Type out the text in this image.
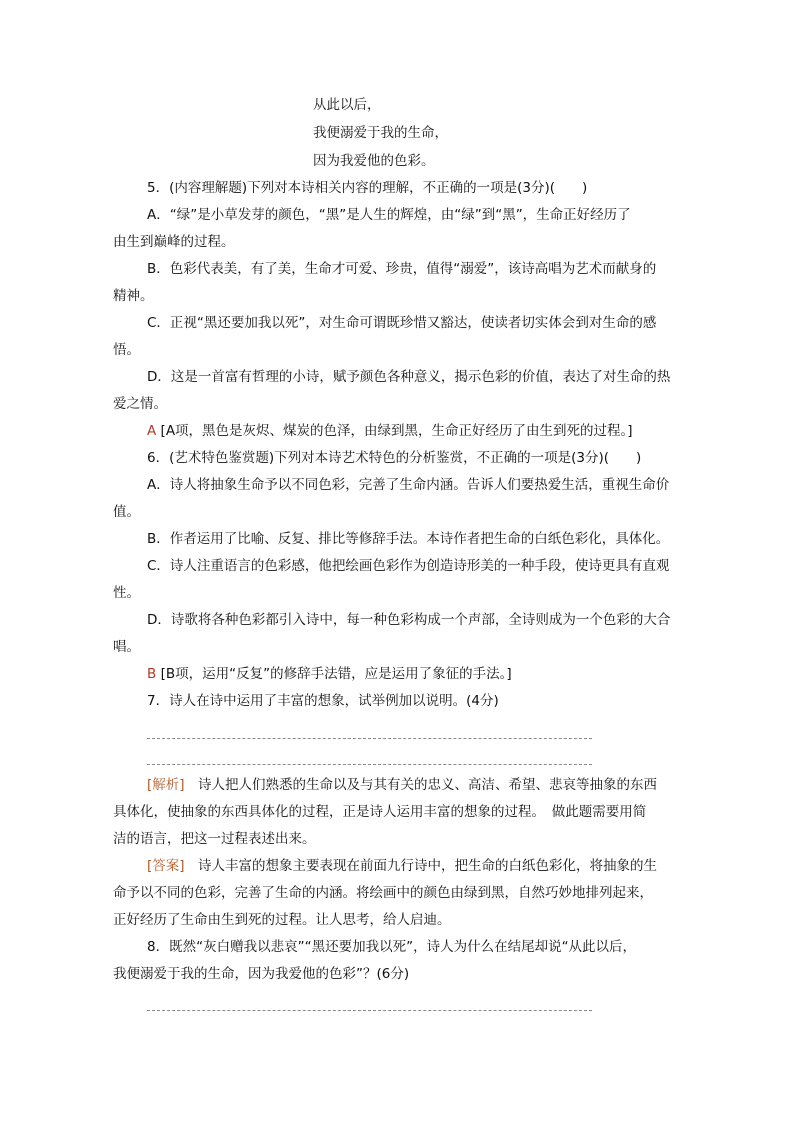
从此以后，
我便溺爱于我的生命，
因为我爱他的色彩。
5．(内容理解题)下列对本诗相关内容的理解，不正确的一项是(3分)(　　)
A．“绿”是小草发芽的颜色，“黑”是人生的辉煌，由“绿”到“黑”，生命正好经历了
由生到巅峰的过程。
B．色彩代表美，有了美，生命才可爱、珍贵，值得“溺爱”，该诗高唱为艺术而献身的
精神。
C．正视“黑还要加我以死”，对生命可谓既珍惜又豁达，使读者切实体会到对生命的感
悟。
D．这是一首富有哲理的小诗，赋予颜色各种意义，揭示色彩的价值，表达了对生命的热
爱之情。
A [A项，黑色是灰烬、煤炭的色泽，由绿到黑，生命正好经历了由生到死的过程。]
6．(艺术特色鉴赏题)下列对本诗艺术特色的分析鉴赏，不正确的一项是(3分)(　　)
A．诗人将抽象生命予以不同色彩，完善了生命内涵。告诉人们要热爱生活，重视生命价
值。
B．作者运用了比喻、反复、排比等修辞手法。本诗作者把生命的白纸色彩化，具体化。
C．诗人注重语言的色彩感，他把绘画色彩作为创造诗形美的一种手段，使诗更具有直观
性。
D．诗歌将各种色彩都引入诗中，每一种色彩构成一个声部，全诗则成为一个色彩的大合
唱。
B [B项，运用“反复”的修辞手法错，应是运用了象征的手法。]
7．诗人在诗中运用了丰富的想象，试举例加以说明。(4分)
[解析]　诗人把人们熟悉的生命以及与其有关的忠义、高洁、希望、悲哀等抽象的东西
具体化，使抽象的东西具体化的过程，正是诗人运用丰富的想象的过程。　做此题需要用简
洁的语言，把这一过程表述出来。
[答案]　诗人丰富的想象主要表现在前面九行诗中，把生命的白纸色彩化，将抽象的生
命予以不同的色彩，完善了生命的内涵。将绘画中的颜色由绿到黑，自然巧妙地排列起来，
正好经历了生命由生到死的过程。让人思考，给人启迪。
8．既然“灰白赠我以悲哀”“黑还要加我以死”，诗人为什么在结尾却说“从此以后，
我便溺爱于我的生命，因为我爱他的色彩”？(6分)
